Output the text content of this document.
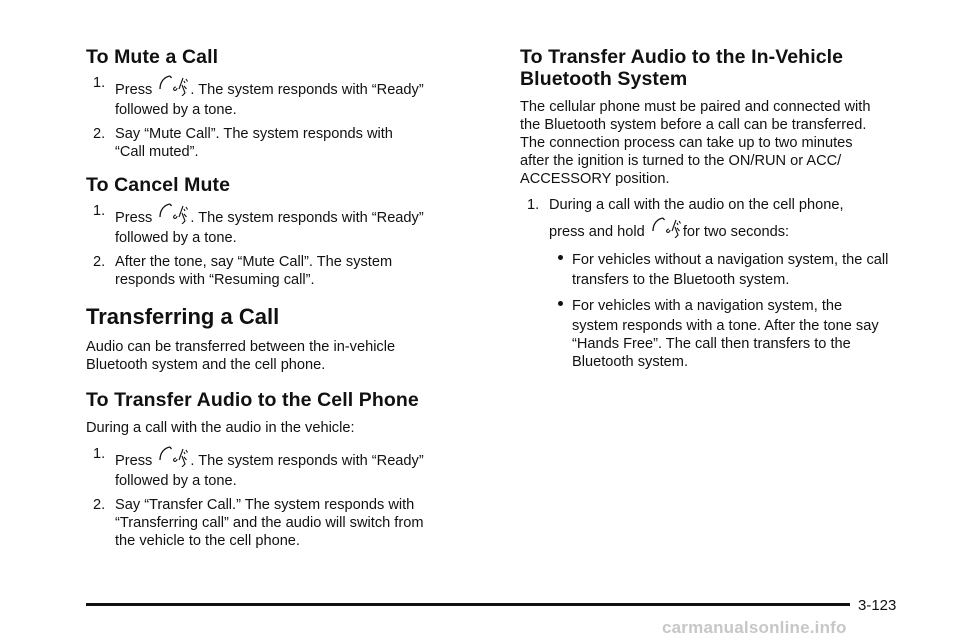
To Mute a Call
1. Press	. The system responds with “Ready”
followed by a tone.
2. Say “Mute Call”. The system responds with
“Call muted”.
To Cancel Mute
1. Press	. The system responds with “Ready”
followed by a tone.
2. After the tone, say “Mute Call”. The system
responds with “Resuming call”.
Transferring a Call

Audio can be transferred between the in-vehicle

Bluetooth system and the cell phone.

To Transfer Audio to the Cell Phone

During a call with the audio in the vehicle:

1. Press	. The system responds with “Ready”
followed by a tone.
2. Say “Transfer Call.” The system responds with
“Transferring call” and the audio will switch from
the vehicle to the cell phone.
To Transfer Audio to the In-Vehicle
Bluetooth System

The cellular phone must be paired and connected with

the Bluetooth system before a call can be transferred.

The connection process can take up to two minutes

after the ignition is turned to the ON/RUN or ACC/

ACCESSORY position.

1. During a call with the audio on the cell phone,
press and hold	for two seconds:
For vehicles without a navigation system, the call
transfers to the Bluetooth system.
For vehicles with a navigation system, the
system responds with a tone. After the tone say
“Hands Free”. The call then transfers to the
Bluetooth system.
3-123
carmanualsonline.info
